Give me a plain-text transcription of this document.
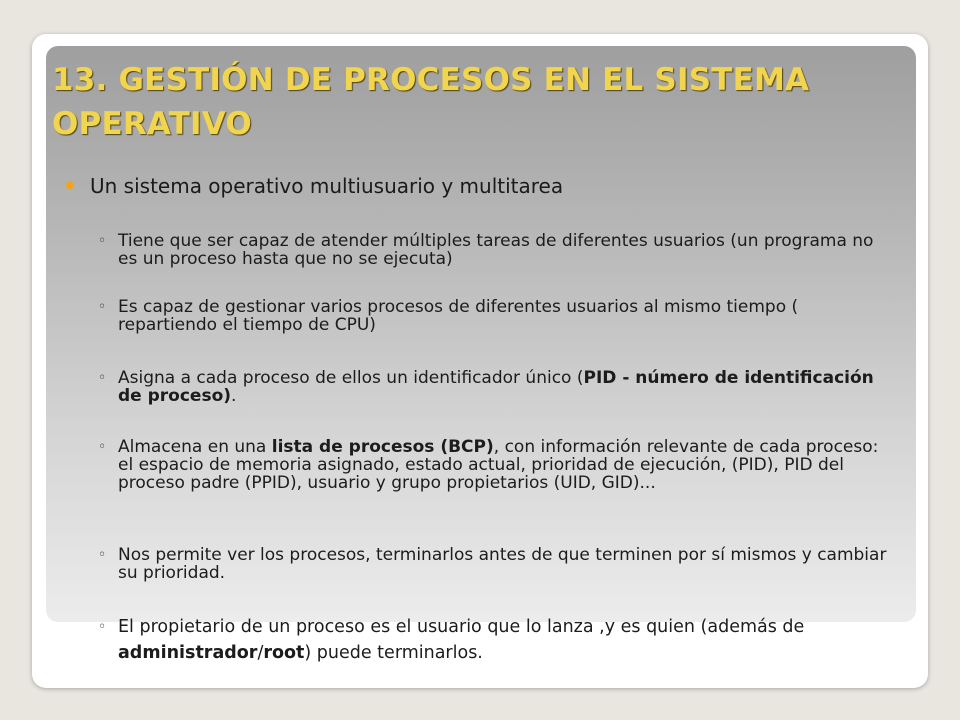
13. GESTIÓN DE PROCESOS EN EL SISTEMA OPERATIVO
Un sistema operativo multiusuario y multitarea
◦ Tiene que ser capaz de atender múltiples tareas de diferentes usuarios (un programa no es un proceso hasta que no se ejecuta)
◦ Es capaz de gestionar varios procesos de diferentes usuarios al mismo tiempo ( repartiendo el tiempo de CPU)
◦ Asigna a cada proceso de ellos un identificador único (PID - número de identificación de proceso).
◦ Almacena en una lista de procesos (BCP), con información relevante de cada proceso: el espacio de memoria asignado, estado actual, prioridad de ejecución, (PID), PID del proceso padre (PPID), usuario y grupo propietarios (UID, GID)...
◦ Nos permite ver los procesos, terminarlos antes de que terminen por sí mismos y cambiar su prioridad.
◦ El propietario de un proceso es el usuario que lo lanza ,y es quien (además de administrador/root) puede terminarlos.
